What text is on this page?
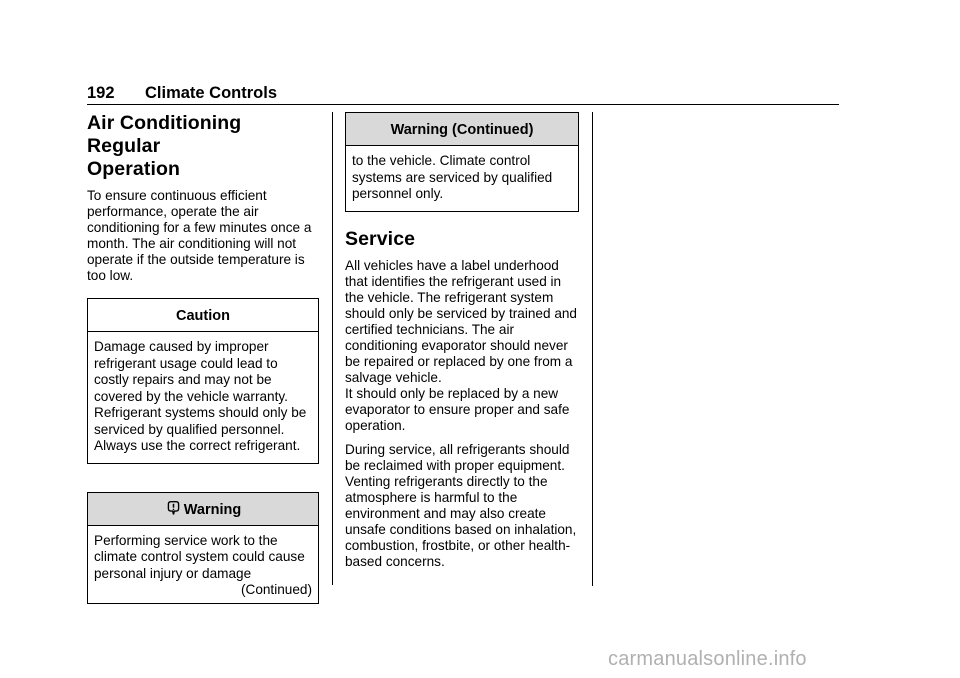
192 Climate Controls
Air Conditioning Regular
Operation

To ensure continuous efficient performance, operate the air conditioning for a few minutes once a month. The air conditioning will not operate if the outside temperature is too low.

Caution
Damage caused by improper refrigerant usage could lead to costly repairs and may not be covered by the vehicle warranty. Refrigerant systems should only be serviced by qualified personnel. Always use the correct refrigerant.
Warning
Performing service work to the climate control system could cause personal injury or damage
(Continued)
Warning (Continued)
to the vehicle. Climate control systems are serviced by qualified personnel only.
Service

All vehicles have a label underhood that identifies the refrigerant used in the vehicle. The refrigerant system should only be serviced by trained and certified technicians. The air conditioning evaporator should never be repaired or replaced by one from a salvage vehicle.

It should only be replaced by a new evaporator to ensure proper and safe operation.

During service, all refrigerants should be reclaimed with proper equipment. Venting refrigerants directly to the atmosphere is harmful to the environment and may also create unsafe conditions based on inhalation, combustion, frostbite, or other health-based concerns.

carmanualsonline.info
